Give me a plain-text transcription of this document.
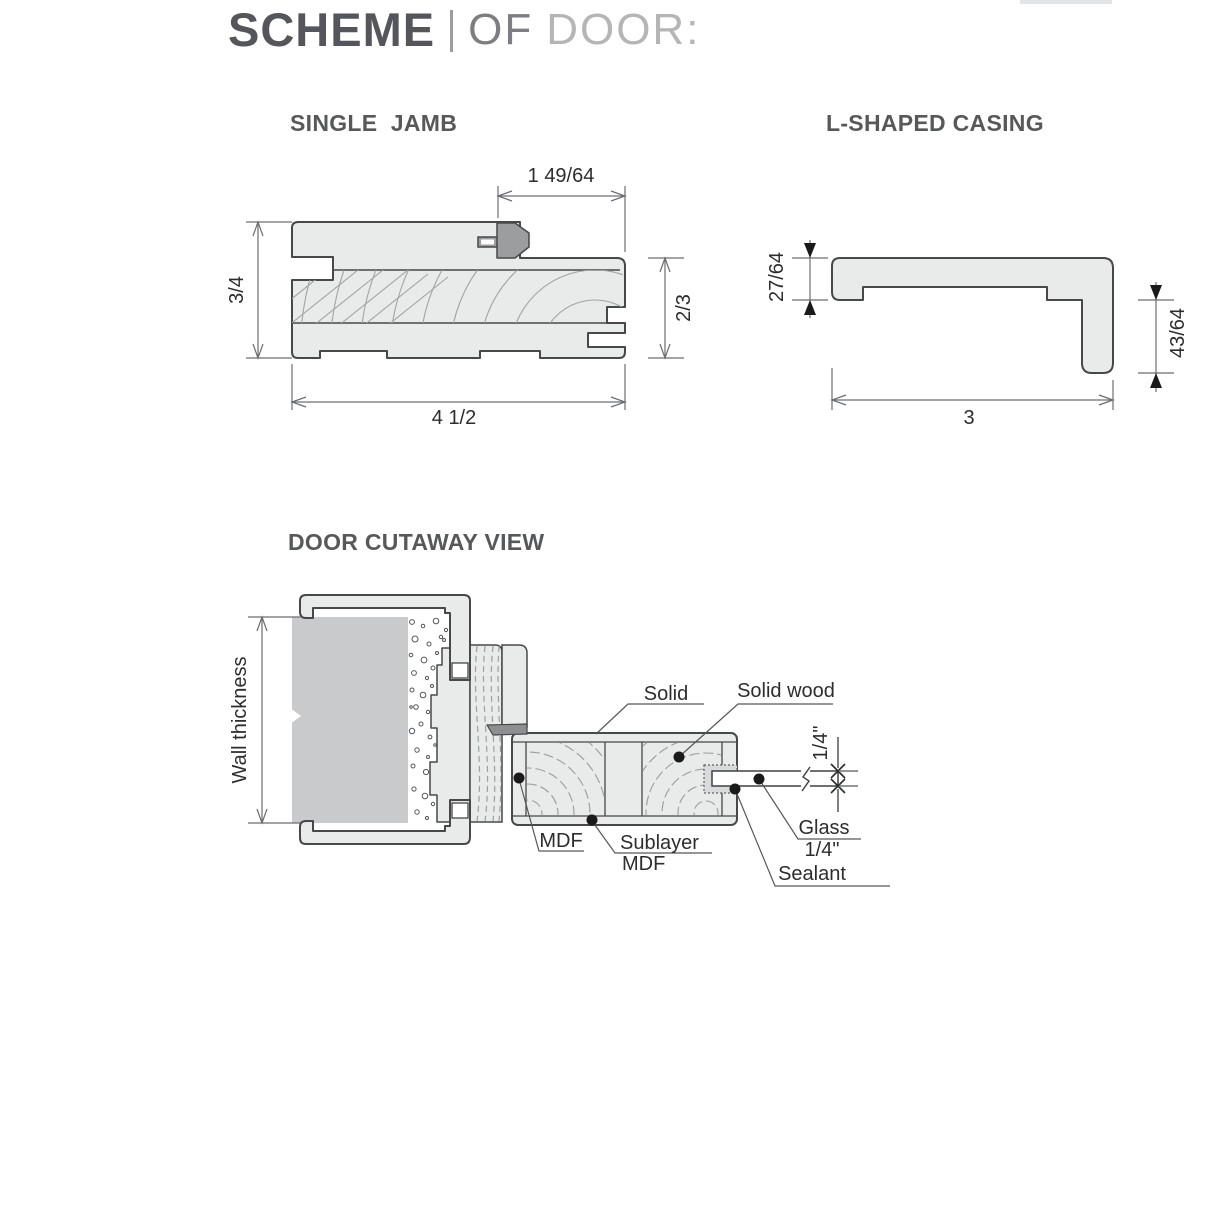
SCHEME OF DOOR:
SINGLE  JAMB	L-SHAPED CASING
DOOR CUTAWAY VIEW
1 49/64
3/4
2/3
4 1/2
27/64
43/64
3
Wall thickness	Solid Solid wood
MDF Sublayer
MDF
Glass
1/4"
Sealant
1/4"
